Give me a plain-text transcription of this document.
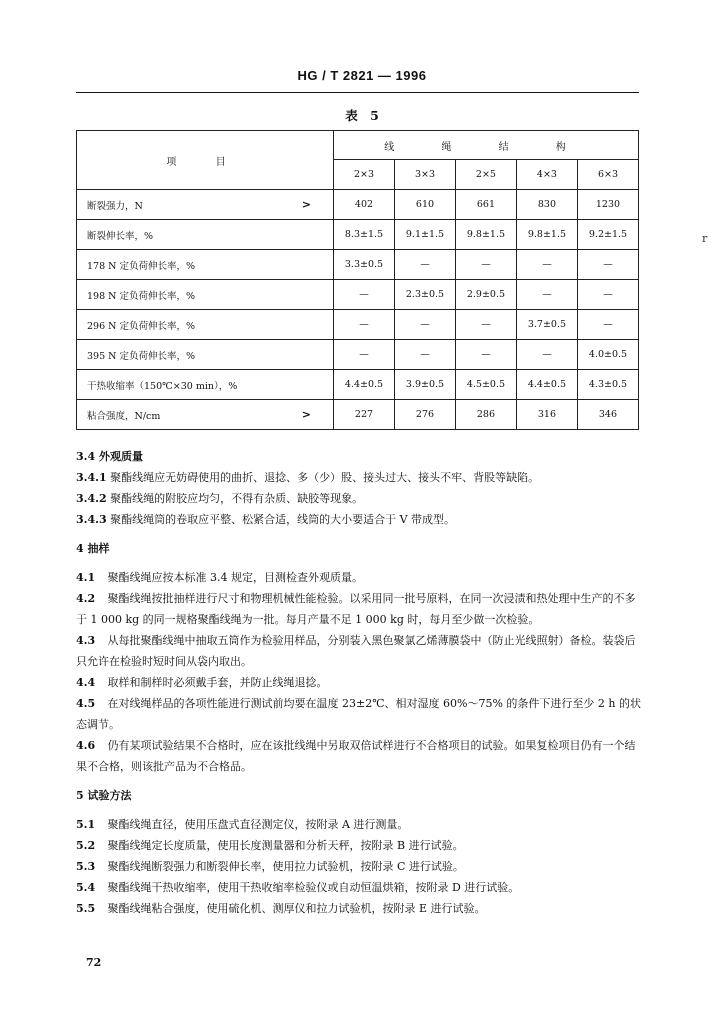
HG / T 2821 — 1996
表 5
项 目	线 绳 结 构				
	2×3	3×3	2×5	4×3	6×3
断裂强力，N >	402	610	661	830	1230
断裂伸长率，%	8.3±1.5	9.1±1.5	9.8±1.5	9.8±1.5	9.2±1.5
178 N 定负荷伸长率，%	3.3±0.5	—	—	—	—
198 N 定负荷伸长率，%	—	2.3±0.5	2.9±0.5	—	—
296 N 定负荷伸长率，%	—	—	—	3.7±0.5	—
395 N 定负荷伸长率，%	—	—	—	—	4.0±0.5
干热收缩率（150℃×30 min），%	4.4±0.5	3.9±0.5	4.5±0.5	4.4±0.5	4.3±0.5
粘合强度，N/cm >	227	276	286	316	346
r

3.4 外观质量

3.4.1 聚酯线绳应无妨碍使用的曲折、退捻、多（少）股、接头过大、接头不牢、背股等缺陷。

3.4.2 聚酯线绳的附胶应均匀，不得有杂质、缺胶等现象。

3.4.3 聚酯线绳筒的卷取应平整、松紧合适，线筒的大小要适合于 V 带成型。

4 抽样

4.1 聚酯线绳应按本标准 3.4 规定，目测检查外观质量。

4.2 聚酯线绳按批抽样进行尺寸和物理机械性能检验。以采用同一批号原料，在同一次浸渍和热处理中生产的不多于 1 000 kg 的同一规格聚酯线绳为一批。每月产量不足 1 000 kg 时，每月至少做一次检验。

4.3 从每批聚酯线绳中抽取五筒作为检验用样品，分别装入黑色聚氯乙烯薄膜袋中（防止光线照射）备检。装袋后只允许在检验时短时间从袋内取出。

4.4 取样和制样时必须戴手套，并防止线绳退捻。

4.5 在对线绳样品的各项性能进行测试前均要在温度 23±2℃、相对湿度 60%～75% 的条件下进行至少 2 h 的状态调节。

4.6 仍有某项试验结果不合格时，应在该批线绳中另取双倍试样进行不合格项目的试验。如果复检项目仍有一个结果不合格，则该批产品为不合格品。

5 试验方法

5.1 聚酯线绳直径，使用压盘式直径测定仪，按附录 A 进行测量。

5.2 聚酯线绳定长度质量，使用长度测量器和分析天秤，按附录 B 进行试验。

5.3 聚酯线绳断裂强力和断裂伸长率，使用拉力试验机，按附录 C 进行试验。

5.4 聚酯线绳干热收缩率，使用干热收缩率检验仪或自动恒温烘箱，按附录 D 进行试验。

5.5 聚酯线绳粘合强度，使用硫化机、测厚仪和拉力试验机，按附录 E 进行试验。

72
